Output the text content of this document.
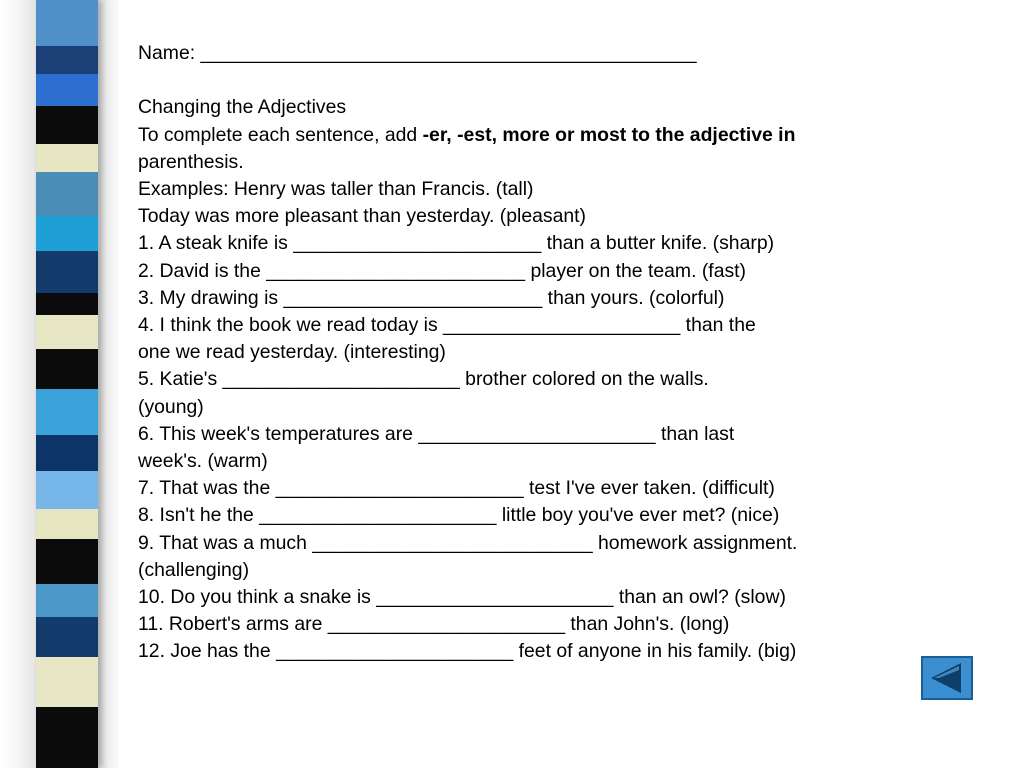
Name: ______________________________________________
Changing the Adjectives
To complete each sentence, add -er, -est, more or most to the adjective in
parenthesis.
Examples: Henry was taller than Francis. (tall)
Today was more pleasant than yesterday. (pleasant)
1. A steak knife is _______________________ than a butter knife. (sharp)
2. David is the ________________________ player on the team. (fast)
3. My drawing is ________________________ than yours. (colorful)
4. I think the book we read today is ______________________ than the
one we read yesterday. (interesting)
5. Katie's ______________________ brother colored on the walls.
(young)
6. This week's temperatures are ______________________ than last
week's. (warm)
7. That was the _______________________ test I've ever taken. (difficult)
8. Isn't he the ______________________ little boy you've ever met? (nice)
9. That was a much __________________________ homework assignment.
(challenging)
10. Do you think a snake is ______________________ than an owl? (slow)
11. Robert's arms are ______________________ than John's. (long)
12. Joe has the ______________________ feet of anyone in his family. (big)
